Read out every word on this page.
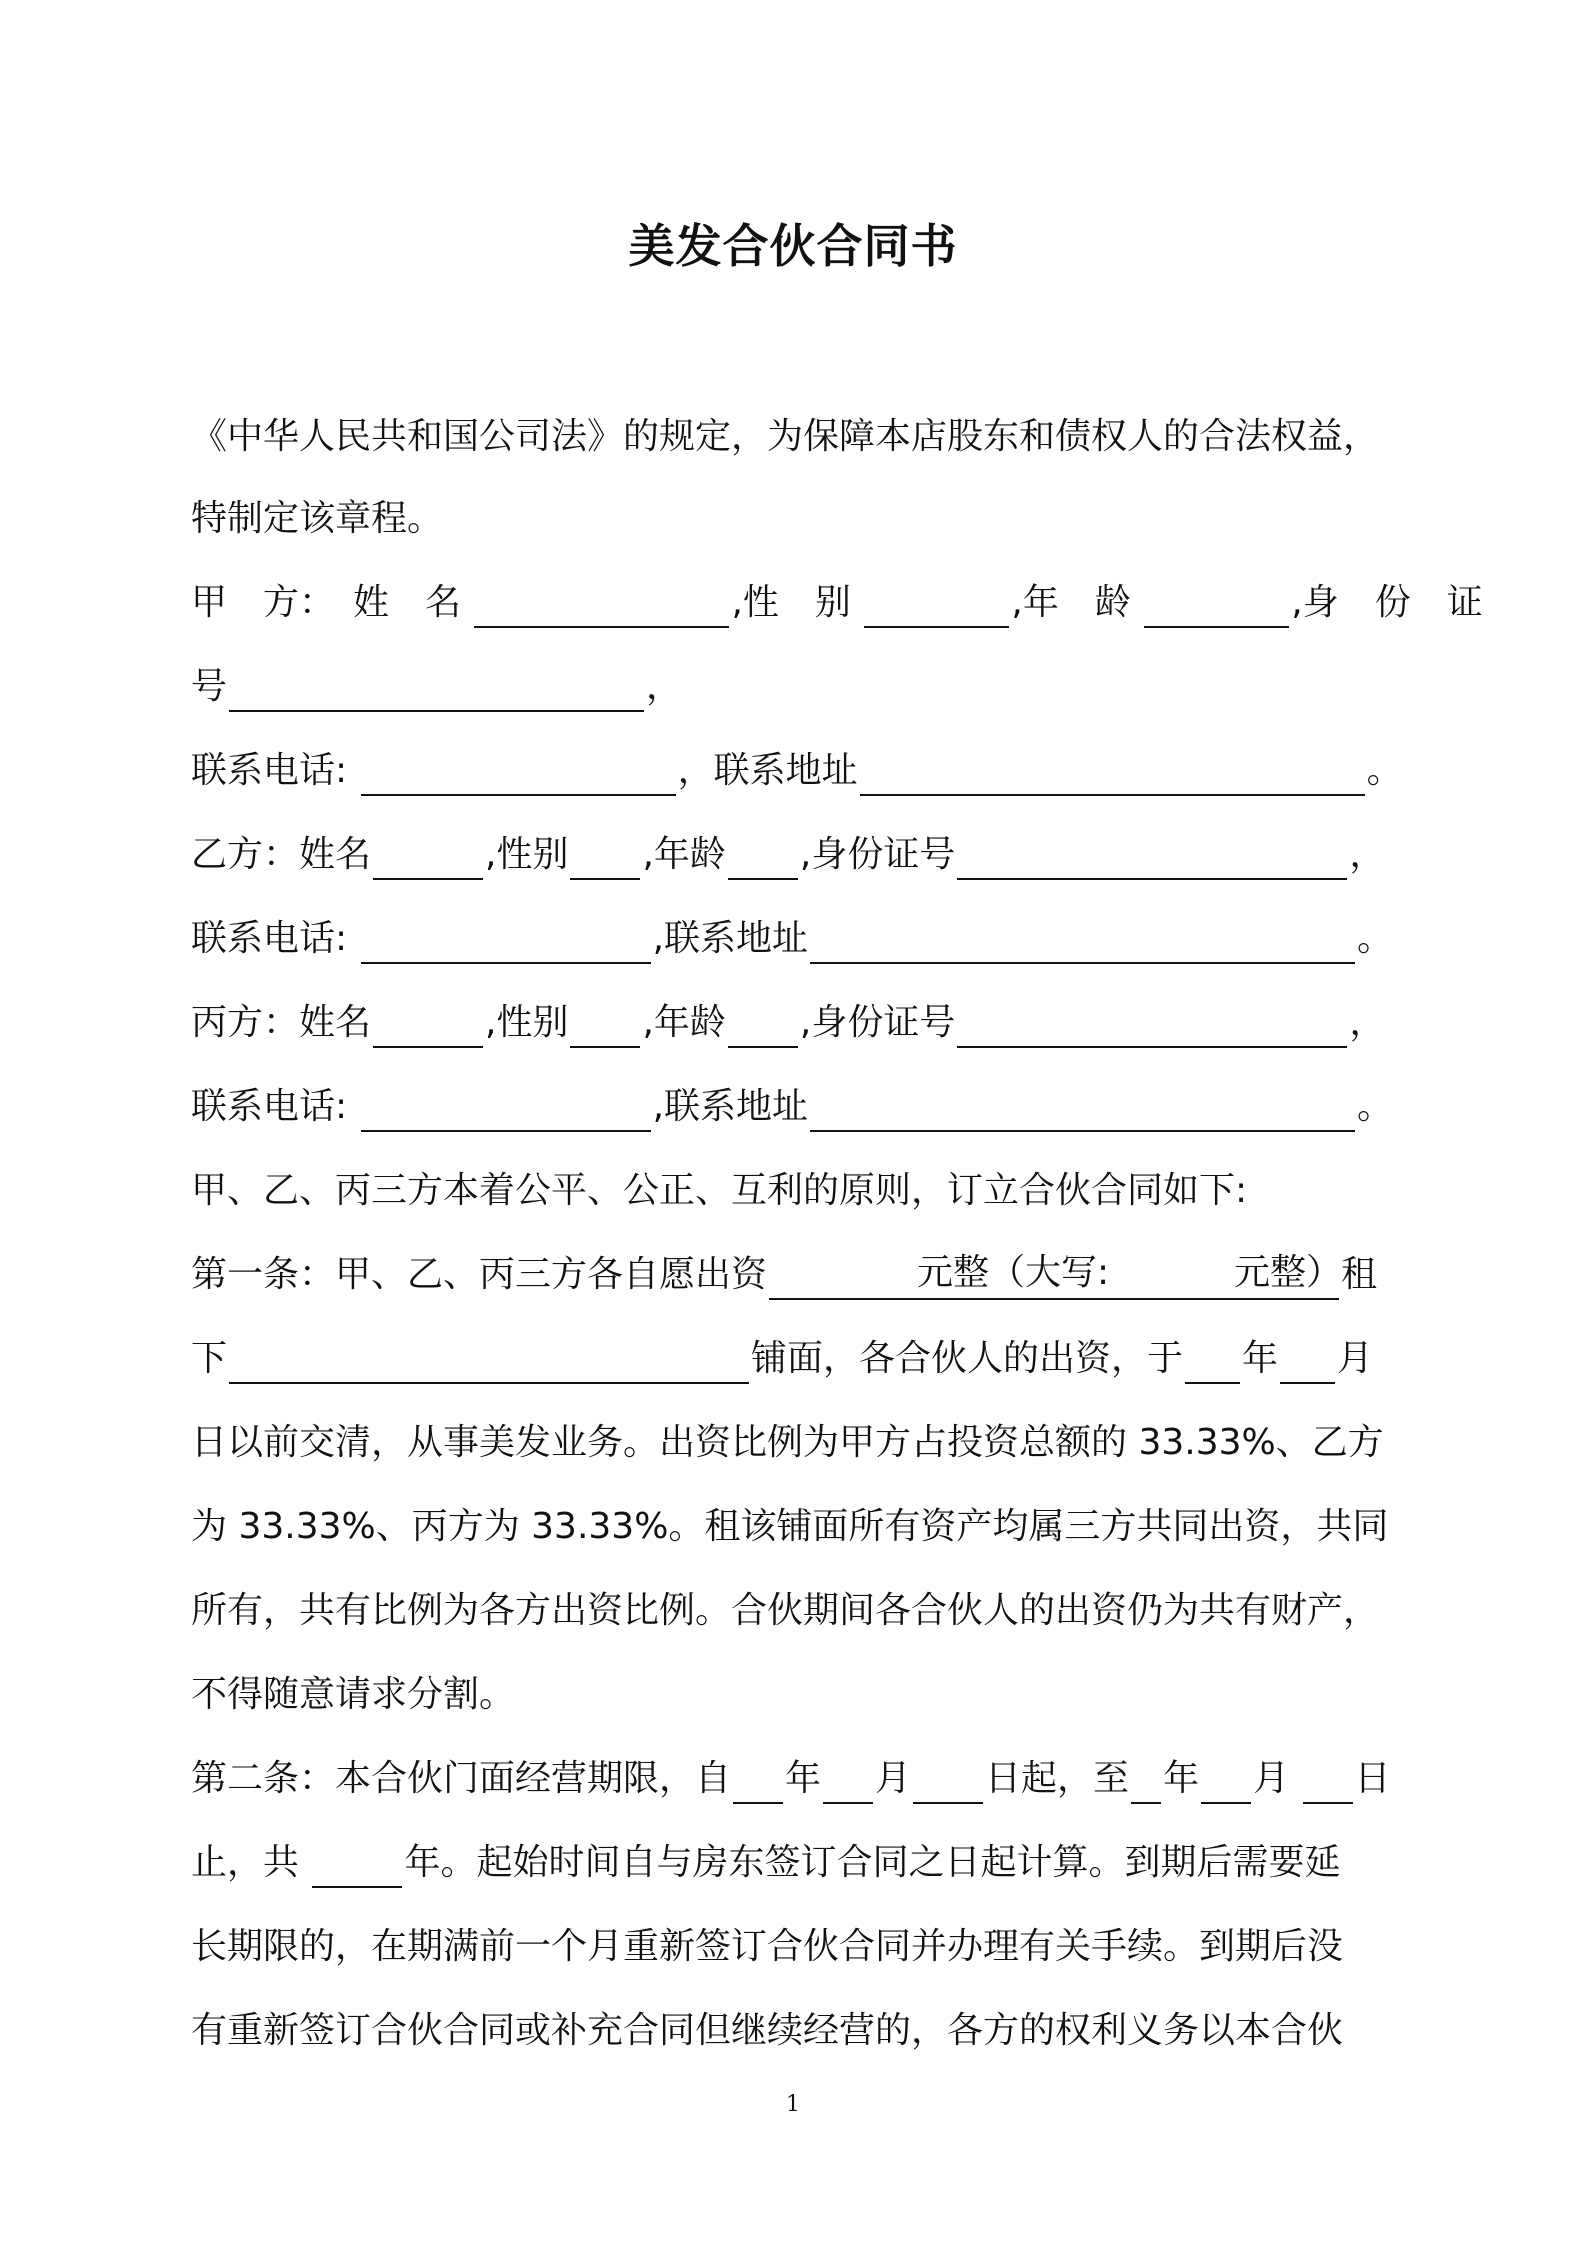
美发合伙合同书
《中华人民共和国公司法》的规定，为保障本店股东和债权人的合法权益，
特制定该章程。
甲　方：　姓　名	,性　别	,年　龄	,身　份　证
号	，
联系电话:	，联系地址	。
乙方：姓名	,性别 ,年龄 ,身份证号	，
联系电话:	,联系地址	。
丙方：姓名	,性别 ,年龄 ,身份证号	，
联系电话:	,联系地址	。
甲、乙、丙三方本着公平、公正、互利的原则，订立合伙合同如下:
第一条：甲、乙、丙三方各自愿出资	元整（大写:	元整）
租
下	铺面，各合伙人的出资，于 年 月
日以前交清，从事美发业务。出资比例为甲方占投资总额的 33.33%、乙方
为 33.33%、丙方为 33.33%。租该铺面所有资产均属三方共同出资，共同
所有，共有比例为各方出资比例。合伙期间各合伙人的出资仍为共有财产，
不得随意请求分割。
第二条：本合伙门面经营期限，自 年 月 日起，至 年 月 日
止，共	年。起始时间自与房东签订合同之日起计算。到期后需要延
长期限的，在期满前一个月重新签订合伙合同并办理有关手续。到期后没
有重新签订合伙合同或补充合同但继续经营的，各方的权利义务以本合伙
1
